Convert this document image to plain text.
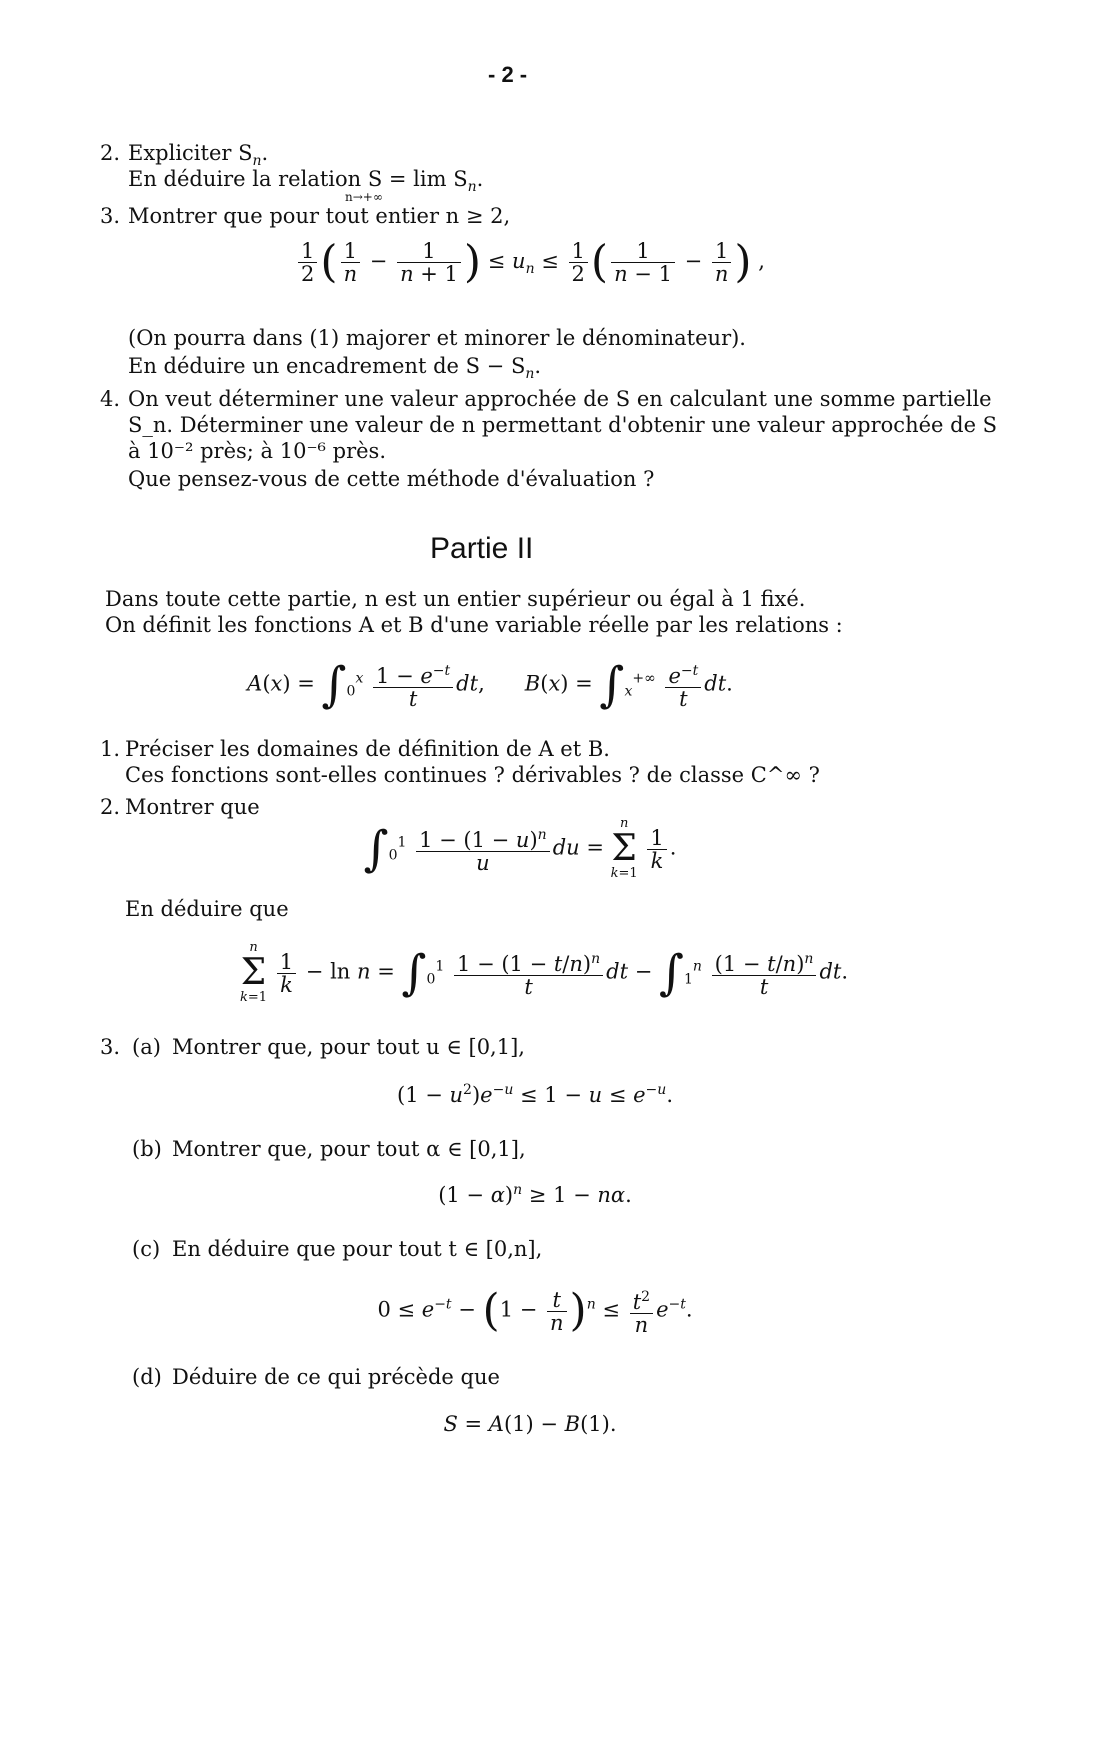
- 2 -
2. Expliciter $S_n$.
En déduire la relation $S = \lim S_n$.
n→+∞
3. Montrer que pour tout entier n ≥ 2,
$\frac{1}{2}$ ( $\frac{1}{n} - \frac{1}{n + 1}$ ) ≤ $u_n \le \frac{1}{2}$ ( $\frac{1}{n - 1} - \frac{1}{n}$ ) ,
(On pourra dans (1) majorer et minorer le dénominateur).
En déduire un encadrement de $S - S_n$.
4. On veut déterminer une valeur approchée de S en calculant une somme partielle
S_n. Déterminer une valeur de n permettant d'obtenir une valeur approchée de S
à 10⁻² près; à 10⁻⁶ près.
Que pensez-vous de cette méthode d'évaluation ?
Partie II
Dans toute cette partie, n est un entier supérieur ou égal à 1 fixé.
On définit les fonctions A et B d'une variable réelle par les relations :
$A(x) = \int_0^x \frac{1 - e^{-t}}{t}$ dt,      $B(x) = \int_x^{+\infty} \frac{e^{-t}}{t}$ dt.
1. Préciser les domaines de définition de A et B.
Ces fonctions sont-elles continues ? dérivables ? de classe C^∞ ?
2. Montrer que
$\int_0^1 \frac{1 - (1 - u)^n}{u}$ du =
n
Σ
k=1

$\frac{1}{k}$ .
En déduire que
n
Σ
k=1

$\frac{1}{k} - \ln n = \int_0^1 \frac{1 - (1 - t/n)^n}{t}$ dt − $\int_1^n \frac{(1 - t/n)^n}{t}$ dt.
3. (a) Montrer que, pour tout u ∈ [0,1],
$(1 - u^2)e^{-u} \le 1 - u \le e^{-u}$.
(b) Montrer que, pour tout α ∈ [0,1],
$(1 - \alpha)^n \ge 1 - n\alpha$.
(c) En déduire que pour tout t ∈ [0,n],
$0 \le e^{-t} - (1 - \frac{t}{n} )^n \le \frac{t^2}{n} e^{-t}$.
(d) Déduire de ce qui précède que
S = A(1) − B(1).
